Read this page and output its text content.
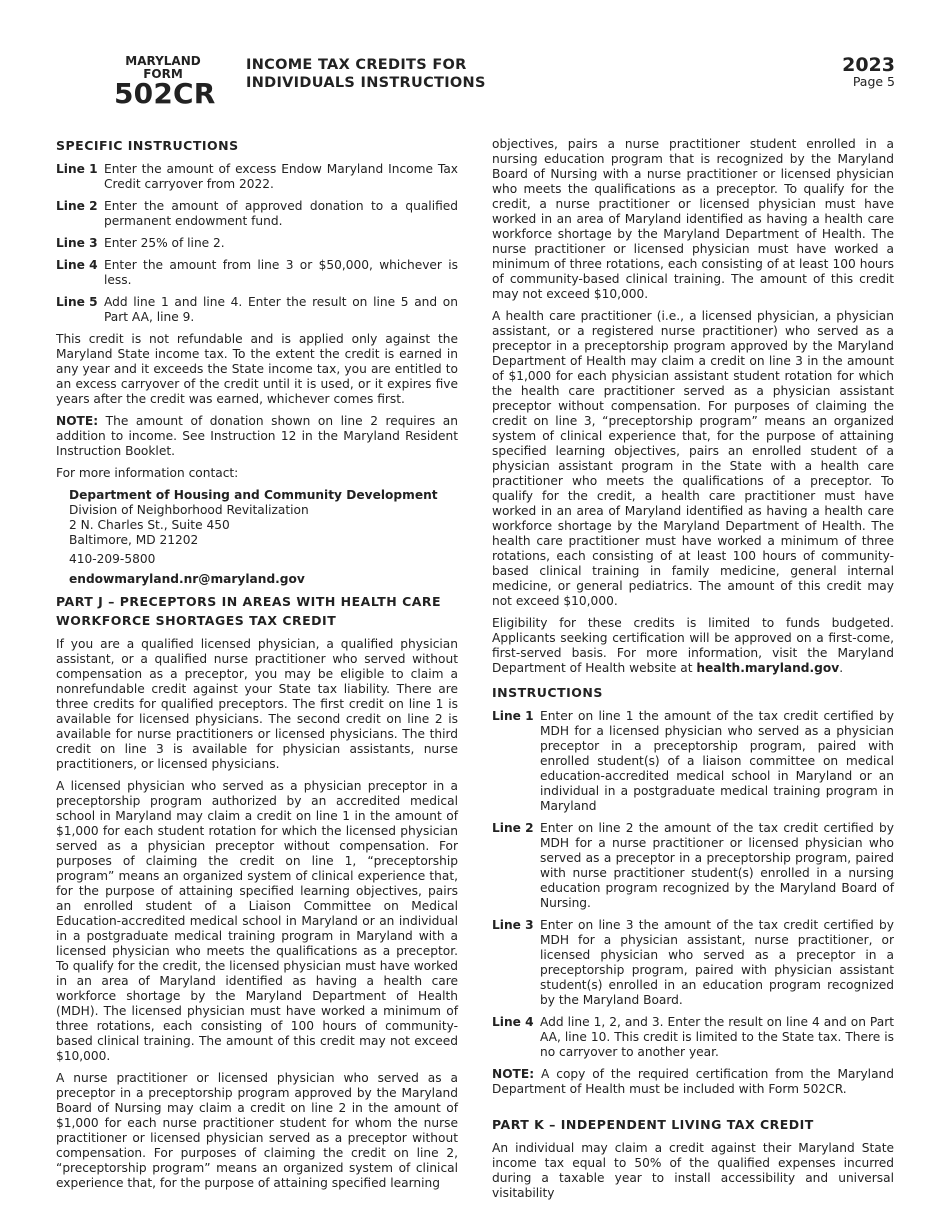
MARYLAND
FORM
502CR
INCOME TAX CREDITS FOR
INDIVIDUALS INSTRUCTIONS
2023
Page 5
SPECIFIC INSTRUCTIONS
Line 1 Enter the amount of excess Endow Maryland Income Tax Credit carryover from 2022.
Line 2 Enter the amount of approved donation to a qualified permanent endowment fund.
Line 3 Enter 25% of line 2.
Line 4 Enter the amount from line 3 or $50,000, whichever is less.
Line 5 Add line 1 and line 4. Enter the result on line 5 and on Part AA, line 9.

This credit is not refundable and is applied only against the Maryland State income tax. To the extent the credit is earned in any year and it exceeds the State income tax, you are entitled to an excess carryover of the credit until it is used, or it expires five years after the credit was earned, whichever comes first.

NOTE: The amount of donation shown on line 2 requires an addition to income. See Instruction 12 in the Maryland Resident Instruction Booklet.

For more information contact:

Department of Housing and Community Development
Division of Neighborhood Revitalization
2 N. Charles St., Suite 450
Baltimore, MD 21202
410-209-5800
endowmaryland.nr@maryland.gov
PART J – PRECEPTORS IN AREAS WITH HEALTH CARE WORKFORCE SHORTAGES TAX CREDIT

If you are a qualified licensed physician, a qualified physician assistant, or a qualified nurse practitioner who served without compensation as a preceptor, you may be eligible to claim a nonrefundable credit against your State tax liability. There are three credits for qualified preceptors. The first credit on line 1 is available for licensed physicians. The second credit on line 2 is available for nurse practitioners or licensed physicians. The third credit on line 3 is available for physician assistants, nurse practitioners, or licensed physicians.

A licensed physician who served as a physician preceptor in a preceptorship program authorized by an accredited medical school in Maryland may claim a credit on line 1 in the amount of $1,000 for each student rotation for which the licensed physician served as a physician preceptor without compensation. For purposes of claiming the credit on line 1, “preceptorship program” means an organized system of clinical experience that, for the purpose of attaining specified learning objectives, pairs an enrolled student of a Liaison Committee on Medical Education-accredited medical school in Maryland or an individual in a postgraduate medical training program in Maryland with a licensed physician who meets the qualifications as a preceptor. To qualify for the credit, the licensed physician must have worked in an area of Maryland identified as having a health care workforce shortage by the Maryland Department of Health (MDH). The licensed physician must have worked a minimum of three rotations, each consisting of 100 hours of community-based clinical training. The amount of this credit may not exceed $10,000.

A nurse practitioner or licensed physician who served as a preceptor in a preceptorship program approved by the Maryland Board of Nursing may claim a credit on line 2 in the amount of $1,000 for each nurse practitioner student for whom the nurse practitioner or licensed physician served as a preceptor without compensation. For purposes of claiming the credit on line 2, “preceptorship program” means an organized system of clinical experience that, for the purpose of attaining specified learning

objectives, pairs a nurse practitioner student enrolled in a nursing education program that is recognized by the Maryland Board of Nursing with a nurse practitioner or licensed physician who meets the qualifications as a preceptor. To qualify for the credit, a nurse practitioner or licensed physician must have worked in an area of Maryland identified as having a health care workforce shortage by the Maryland Department of Health. The nurse practitioner or licensed physician must have worked a minimum of three rotations, each consisting of at least 100 hours of community-based clinical training. The amount of this credit may not exceed $10,000.

A health care practitioner (i.e., a licensed physician, a physician assistant, or a registered nurse practitioner) who served as a preceptor in a preceptorship program approved by the Maryland Department of Health may claim a credit on line 3 in the amount of $1,000 for each physician assistant student rotation for which the health care practitioner served as a physician assistant preceptor without compensation. For purposes of claiming the credit on line 3, “preceptorship program” means an organized system of clinical experience that, for the purpose of attaining specified learning objectives, pairs an enrolled student of a physician assistant program in the State with a health care practitioner who meets the qualifications of a preceptor. To qualify for the credit, a health care practitioner must have worked in an area of Maryland identified as having a health care workforce shortage by the Maryland Department of Health. The health care practitioner must have worked a minimum of three rotations, each consisting of at least 100 hours of community-based clinical training in family medicine, general internal medicine, or general pediatrics. The amount of this credit may not exceed $10,000.

Eligibility for these credits is limited to funds budgeted. Applicants seeking certification will be approved on a first-come, first-served basis. For more information, visit the Maryland Department of Health website at health.maryland.gov.

INSTRUCTIONS
Line 1 Enter on line 1 the amount of the tax credit certified by MDH for a licensed physician who served as a physician preceptor in a preceptorship program, paired with enrolled student(s) of a liaison committee on medical education-accredited medical school in Maryland or an individual in a postgraduate medical training program in Maryland
Line 2 Enter on line 2 the amount of the tax credit certified by MDH for a nurse practitioner or licensed physician who served as a preceptor in a preceptorship program, paired with nurse practitioner student(s) enrolled in a nursing education program recognized by the Maryland Board of Nursing.
Line 3 Enter on line 3 the amount of the tax credit certified by MDH for a physician assistant, nurse practitioner, or licensed physician who served as a preceptor in a preceptorship program, paired with physician assistant student(s) enrolled in an education program recognized by the Maryland Board.
Line 4 Add line 1, 2, and 3. Enter the result on line 4 and on Part AA, line 10. This credit is limited to the State tax. There is no carryover to another year.

NOTE: A copy of the required certification from the Maryland Department of Health must be included with Form 502CR.

PART K – INDEPENDENT LIVING TAX CREDIT

An individual may claim a credit against their Maryland State income tax equal to 50% of the qualified expenses incurred during a taxable year to install accessibility and universal visitability
